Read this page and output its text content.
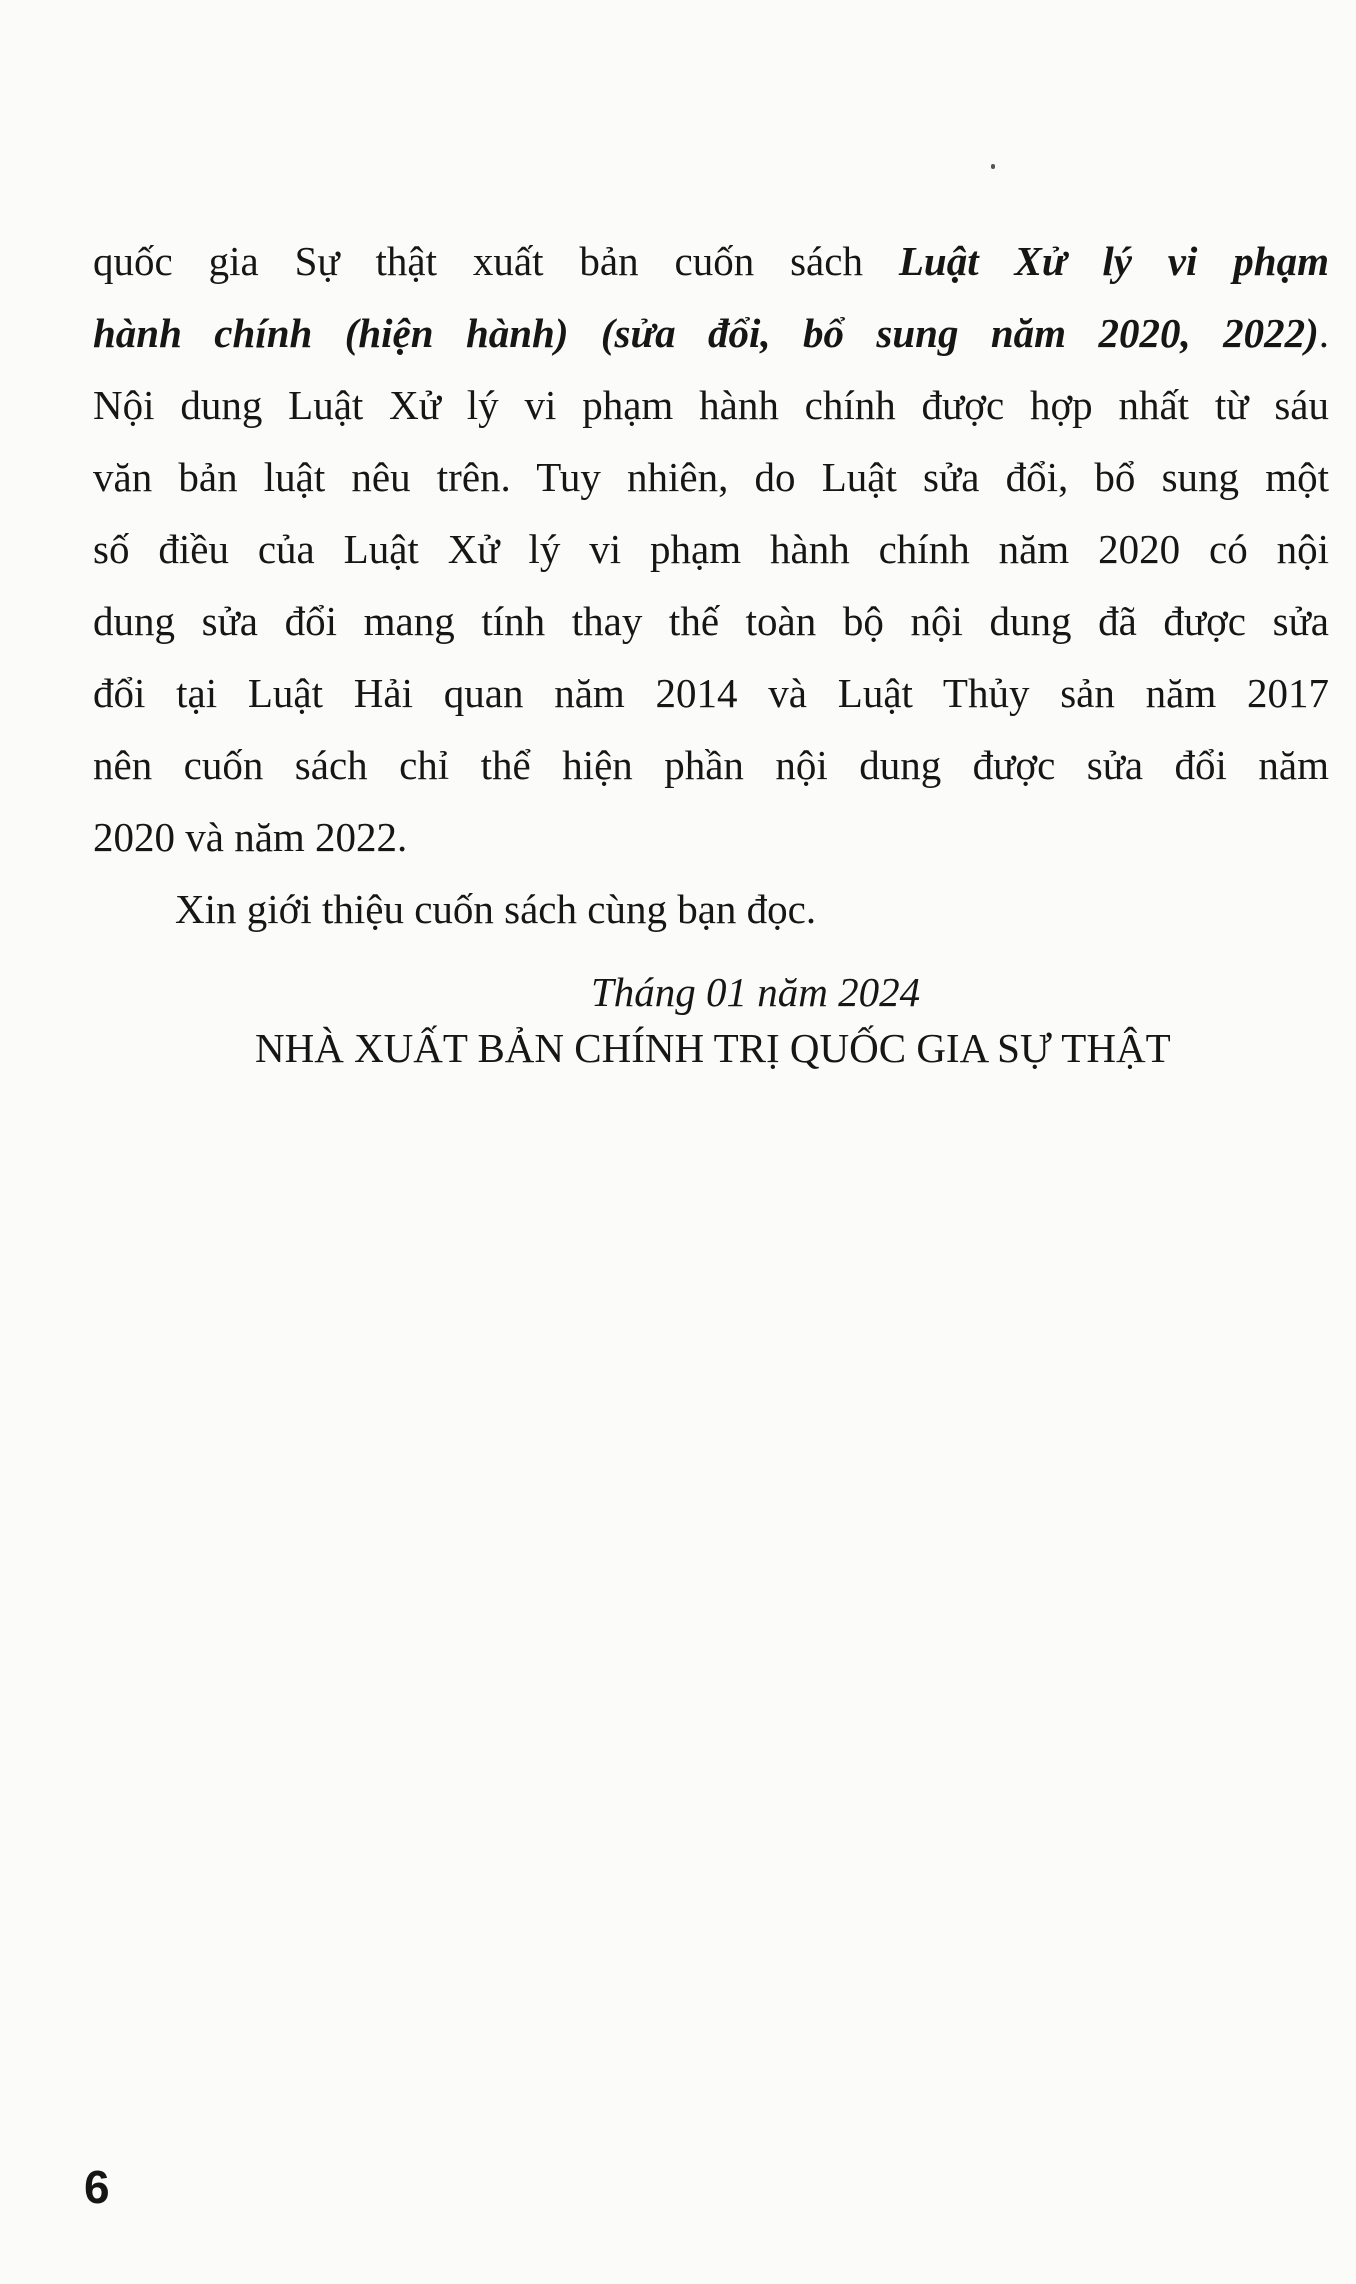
quốc gia Sự thật xuất bản cuốn sách Luật Xử lý vi phạm
hành chính (hiện hành) (sửa đổi, bổ sung năm 2020, 2022).
Nội dung Luật Xử lý vi phạm hành chính được hợp nhất từ sáu
văn bản luật nêu trên. Tuy nhiên, do Luật sửa đổi, bổ sung một
số điều của Luật Xử lý vi phạm hành chính năm 2020 có nội
dung sửa đổi mang tính thay thế toàn bộ nội dung đã được sửa
đổi tại Luật Hải quan năm 2014 và Luật Thủy sản năm 2017
nên cuốn sách chỉ thể hiện phần nội dung được sửa đổi năm
2020 và năm 2022.
Xin giới thiệu cuốn sách cùng bạn đọc.
Tháng 01 năm 2024
NHÀ XUẤT BẢN CHÍNH TRỊ QUỐC GIA SỰ THẬT
6
